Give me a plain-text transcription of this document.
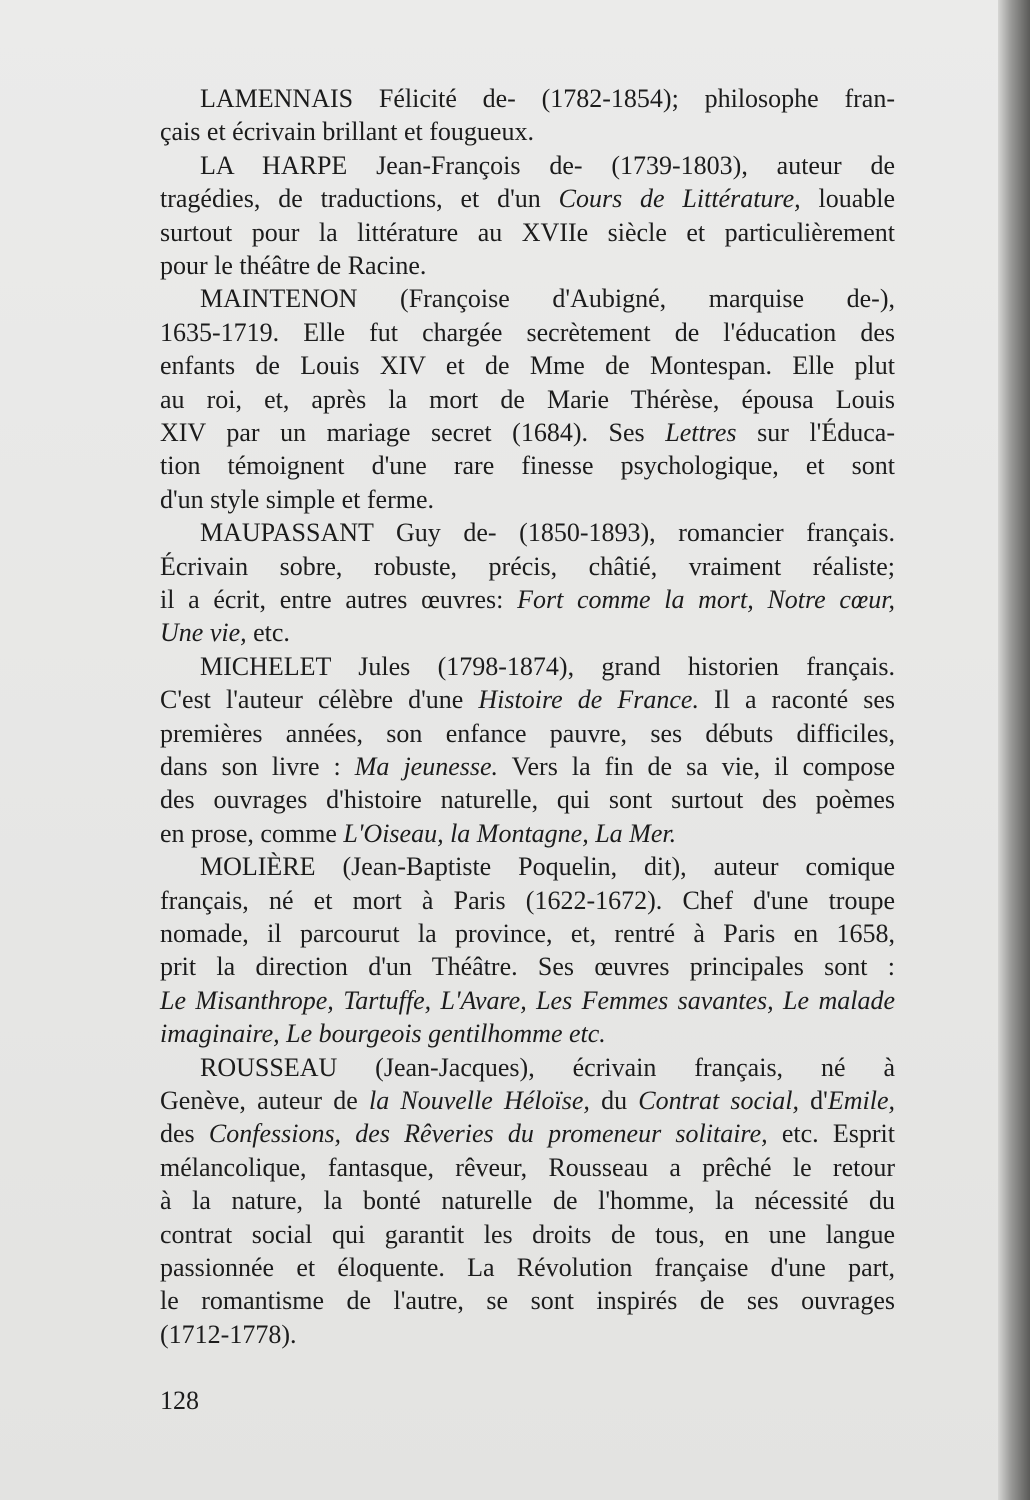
LAMENNAIS Félicité de- (1782-1854); philosophe fran-
çais et écrivain brillant et fougueux.
LA HARPE Jean-François de- (1739-1803), auteur de
tragédies, de traductions, et d'un Cours de Littérature, louable
surtout pour la littérature au XVIIe siècle et particulièrement
pour le théâtre de Racine.
MAINTENON (Françoise d'Aubigné, marquise de-),
1635-1719. Elle fut chargée secrètement de l'éducation des
enfants de Louis XIV et de Mme de Montespan. Elle plut
au roi, et, après la mort de Marie Thérèse, épousa Louis
XIV par un mariage secret (1684). Ses Lettres sur l'Éduca-
tion témoignent d'une rare finesse psychologique, et sont
d'un style simple et ferme.
MAUPASSANT Guy de- (1850-1893), romancier français.
Écrivain sobre, robuste, précis, châtié, vraiment réaliste;
il a écrit, entre autres œuvres: Fort comme la mort, Notre cœur,
Une vie, etc.
MICHELET Jules (1798-1874), grand historien français.
C'est l'auteur célèbre d'une Histoire de France. Il a raconté ses
premières années, son enfance pauvre, ses débuts difficiles,
dans son livre : Ma jeunesse. Vers la fin de sa vie, il compose
des ouvrages d'histoire naturelle, qui sont surtout des poèmes
en prose, comme L'Oiseau, la Montagne, La Mer.
MOLIÈRE (Jean-Baptiste Poquelin, dit), auteur comique
français, né et mort à Paris (1622-1672). Chef d'une troupe
nomade, il parcourut la province, et, rentré à Paris en 1658,
prit la direction d'un Théâtre. Ses œuvres principales sont :
Le Misanthrope, Tartuffe, L'Avare, Les Femmes savantes, Le malade
imaginaire, Le bourgeois gentilhomme etc.
ROUSSEAU (Jean-Jacques), écrivain français, né à
Genève, auteur de la Nouvelle Héloïse, du Contrat social, d'Emile,
des Confessions, des Rêveries du promeneur solitaire, etc. Esprit
mélancolique, fantasque, rêveur, Rousseau a prêché le retour
à la nature, la bonté naturelle de l'homme, la nécessité du
contrat social qui garantit les droits de tous, en une langue
passionnée et éloquente. La Révolution française d'une part,
le romantisme de l'autre, se sont inspirés de ses ouvrages
(1712-1778).
128
